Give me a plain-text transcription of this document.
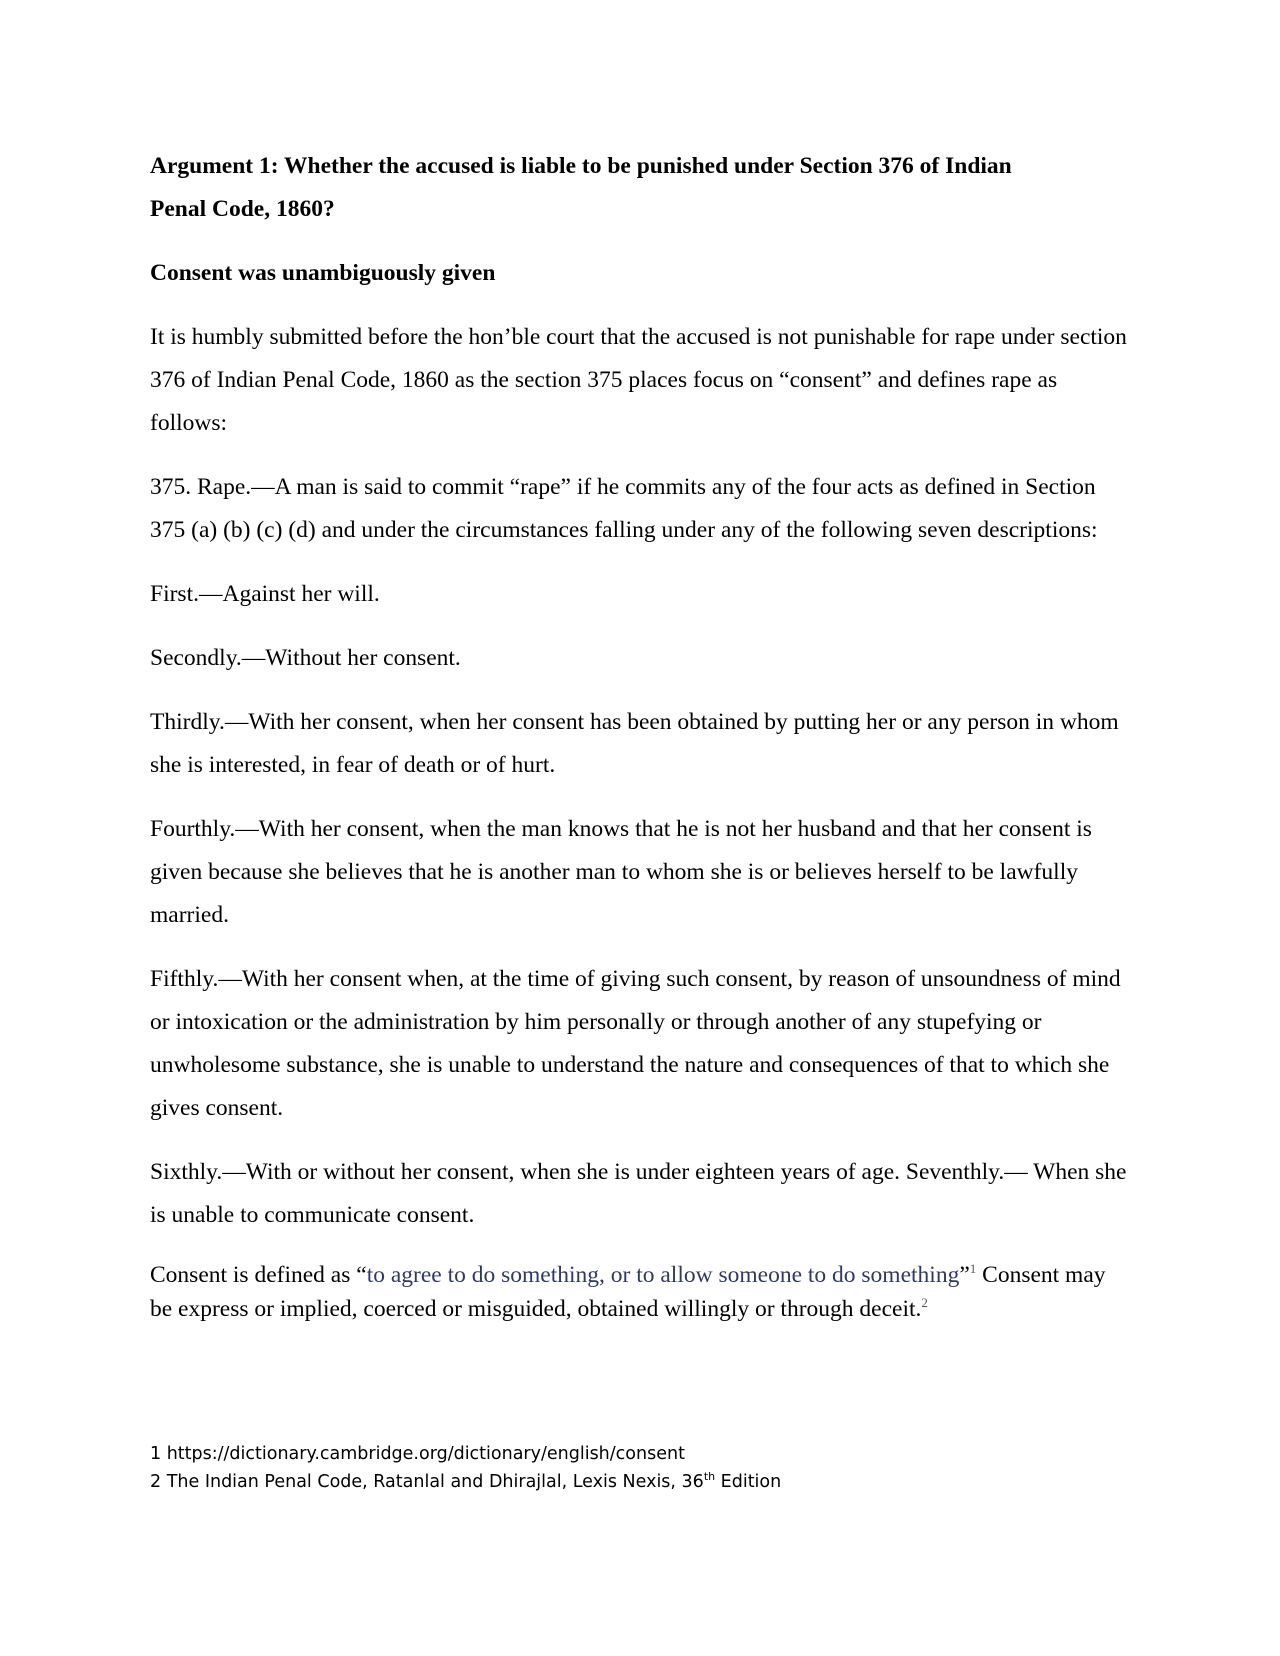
Argument 1: Whether the accused is liable to be punished under Section 376 of Indian
Penal Code, 1860?

Consent was unambiguously given

It is humbly submitted before the hon’ble court that the accused is not punishable for rape under section 376 of Indian Penal Code, 1860 as the section 375 places focus on “consent” and defines rape as follows:

375. Rape.—A man is said to commit “rape” if he commits any of the four acts as defined in Section 375 (a) (b) (c) (d) and under the circumstances falling under any of the following seven descriptions:

First.—Against her will.

Secondly.—Without her consent.

Thirdly.—With her consent, when her consent has been obtained by putting her or any person in whom she is interested, in fear of death or of hurt.

Fourthly.—With her consent, when the man knows that he is not her husband and that her consent is given because she believes that he is another man to whom she is or believes herself to be lawfully married.

Fifthly.—With her consent when, at the time of giving such consent, by reason of unsoundness of mind or intoxication or the administration by him personally or through another of any stupefying or unwholesome substance, she is unable to understand the nature and consequences of that to which she gives consent.

Sixthly.—With or without her consent, when she is under eighteen years of age. Seventhly.— When she is unable to communicate consent.

Consent is defined as “to agree to do something, or to allow someone to do something”$^1$ Consent may be express or implied, coerced or misguided, obtained willingly or through deceit.$^2$

1 https://dictionary.cambridge.org/dictionary/english/consent
2 The Indian Penal Code, Ratanlal and Dhirajlal, Lexis Nexis, 36th Edition
